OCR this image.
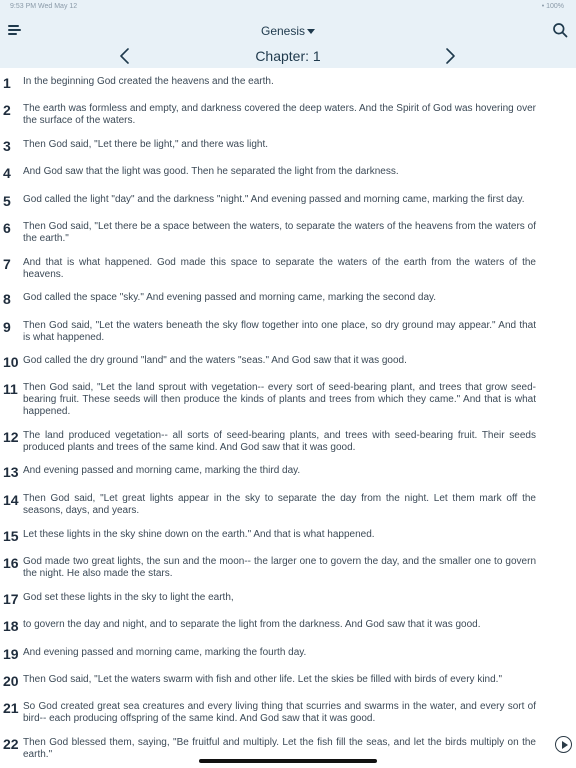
9:53 PM Wed May 12	• 100%
Genesis
Chapter: 1
1	In the beginning God created the heavens and the earth.
2	The earth was formless and empty, and darkness covered the deep waters. And the Spirit of God was hovering over the surface of the waters.
3	Then God said, "Let there be light," and there was light.
4	And God saw that the light was good. Then he separated the light from the darkness.
5	God called the light "day" and the darkness "night." And evening passed and morning came, marking the first day.
6	Then God said, "Let there be a space between the waters, to separate the waters of the heavens from the waters of the earth."
7	And that is what happened. God made this space to separate the waters of the earth from the waters of the heavens.
8	God called the space "sky." And evening passed and morning came, marking the second day.
9	Then God said, "Let the waters beneath the sky flow together into one place, so dry ground may appear." And that is what happened.
10 God called the dry ground "land" and the waters "seas." And God saw that it was good.
11 Then God said, "Let the land sprout with vegetation-- every sort of seed-bearing plant, and trees that grow seed-bearing fruit. These seeds will then produce the kinds of plants and trees from which they came." And that is what happened.
12 The land produced vegetation-- all sorts of seed-bearing plants, and trees with seed-bearing fruit. Their seeds produced plants and trees of the same kind. And God saw that it was good.
13 And evening passed and morning came, marking the third day.
14 Then God said, "Let great lights appear in the sky to separate the day from the night. Let them mark off the seasons, days, and years.
15 Let these lights in the sky shine down on the earth." And that is what happened.
16 God made two great lights, the sun and the moon-- the larger one to govern the day, and the smaller one to govern the night. He also made the stars.
17 God set these lights in the sky to light the earth,
18 to govern the day and night, and to separate the light from the darkness. And God saw that it was good.
19 And evening passed and morning came, marking the fourth day.
20 Then God said, "Let the waters swarm with fish and other life. Let the skies be filled with birds of every kind."
21 So God created great sea creatures and every living thing that scurries and swarms in the water, and every sort of bird-- each producing offspring of the same kind. And God saw that it was good.
22 Then God blessed them, saying, "Be fruitful and multiply. Let the fish fill the seas, and let the birds multiply on the earth."
